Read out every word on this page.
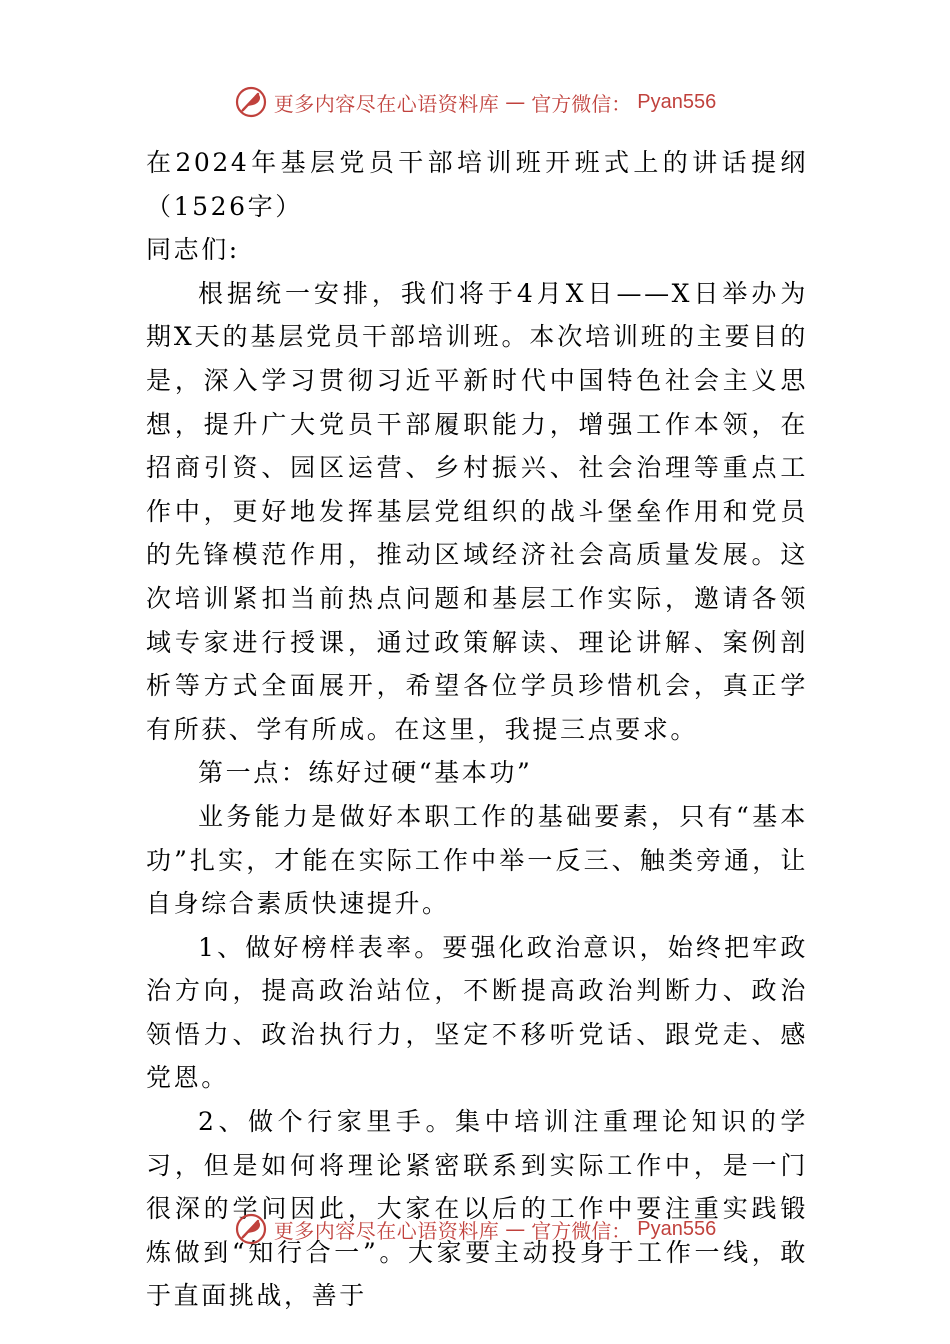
更多内容尽在心语资料库 — 官方微信： Pyan556

在2024年基层党员干部培训班开班式上的讲话提纲（1526字）

同志们:

根据统一安排，我们将于4月X日——X日举办为期X天的基层党员干部培训班。本次培训班的主要目的是，深入学习贯彻习近平新时代中国特色社会主义思想，提升广大党员干部履职能力，增强工作本领，在招商引资、园区运营、乡村振兴、社会治理等重点工作中，更好地发挥基层党组织的战斗堡垒作用和党员的先锋模范作用，推动区域经济社会高质量发展。这次培训紧扣当前热点问题和基层工作实际，邀请各领域专家进行授课，通过政策解读、理论讲解、案例剖析等方式全面展开，希望各位学员珍惜机会，真正学有所获、学有所成。在这里，我提三点要求。

第一点：练好过硬“基本功”

业务能力是做好本职工作的基础要素，只有“基本功”扎实，才能在实际工作中举一反三、触类旁通，让自身综合素质快速提升。

1、做好榜样表率。要强化政治意识，始终把牢政治方向，提高政治站位，不断提高政治判断力、政治领悟力、政治执行力，坚定不移听党话、跟党走、感党恩。

2、做个行家里手。集中培训注重理论知识的学习，但是如何将理论紧密联系到实际工作中，是一门很深的学问因此，大家在以后的工作中要注重实践锻炼做到“知行合一”。大家要主动投身于工作一线，敢于直面挑战，善于

更多内容尽在心语资料库 — 官方微信： Pyan556
